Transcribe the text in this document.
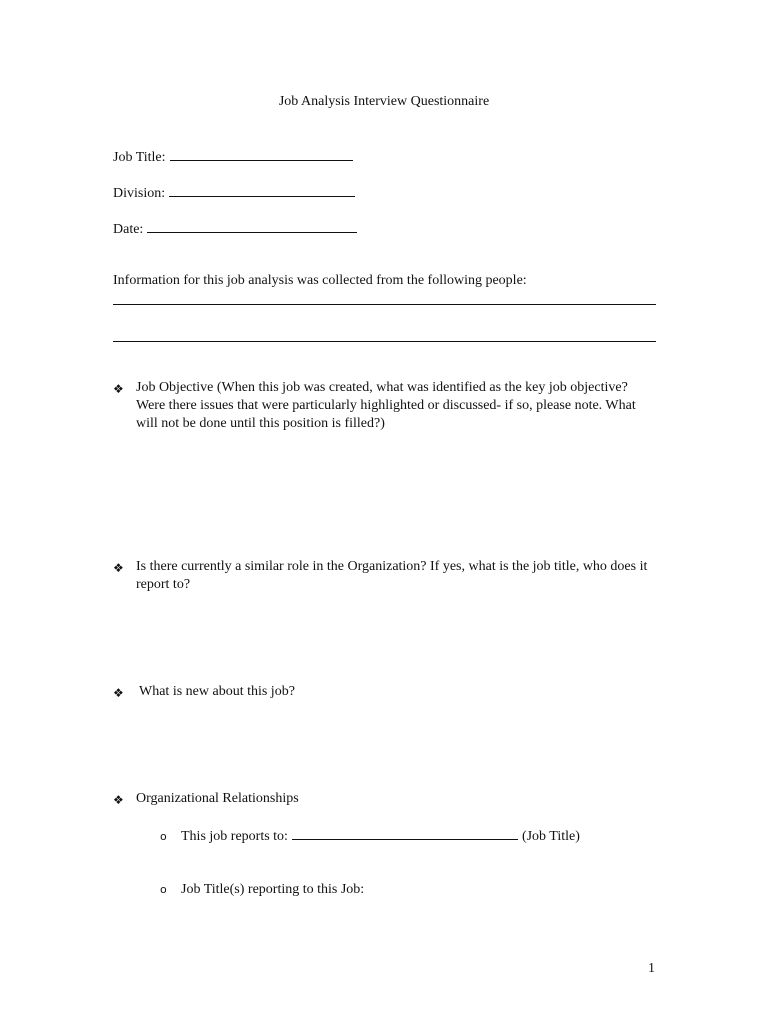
Job Analysis Interview Questionnaire
Job Title:
Division:
Date:
Information for this job analysis was collected from the following people:
❖ Job Objective (When this job was created, what was identified as the key job objective? Were there issues that were particularly highlighted or discussed- if so, please note. What will not be done until this position is filled?)
❖ Is there currently a similar role in the Organization? If yes, what is the job title, who does it report to?
❖	What is new about this job?
❖ Organizational Relationships
o	This job reports to:	(Job Title)
o	Job Title(s) reporting to this Job:
1
